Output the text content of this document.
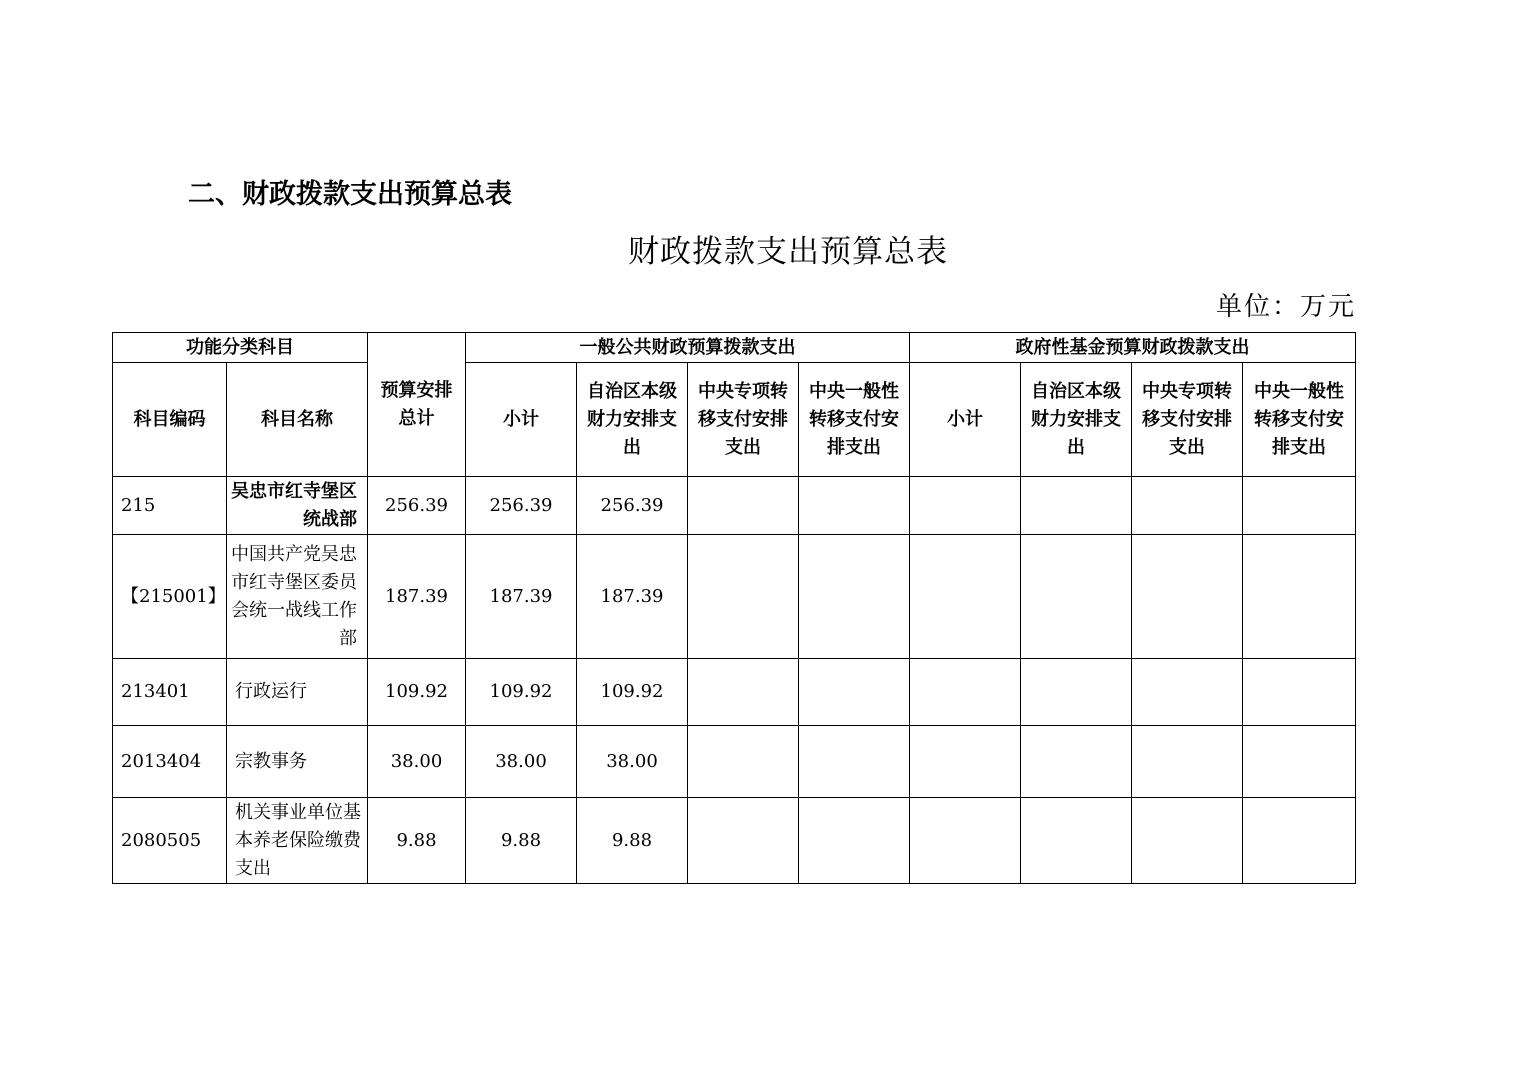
二、财政拨款支出预算总表
财政拨款支出预算总表
单位：万元
功能分类科目		预算安排总计	一般公共财政预算拨款支出				政府性基金预算财政拨款支出			
科目编码	科目名称		小计	自治区本级财力安排支出	中央专项转移支付安排支出	中央一般性转移支付安排支出	小计	自治区本级财力安排支出	中央专项转移支付安排支出	中央一般性转移支付安排支出
215	吴忠市红寺堡区统战部	256.39	256.39	256.39						
【215001】	中国共产党吴忠市红寺堡区委员会统一战线工作部	187.39	187.39	187.39						
213401	行政运行	109.92	109.92	109.92						
2013404	宗教事务	38.00	38.00	38.00						
2080505	机关事业单位基本养老保险缴费支出	9.88	9.88	9.88						
